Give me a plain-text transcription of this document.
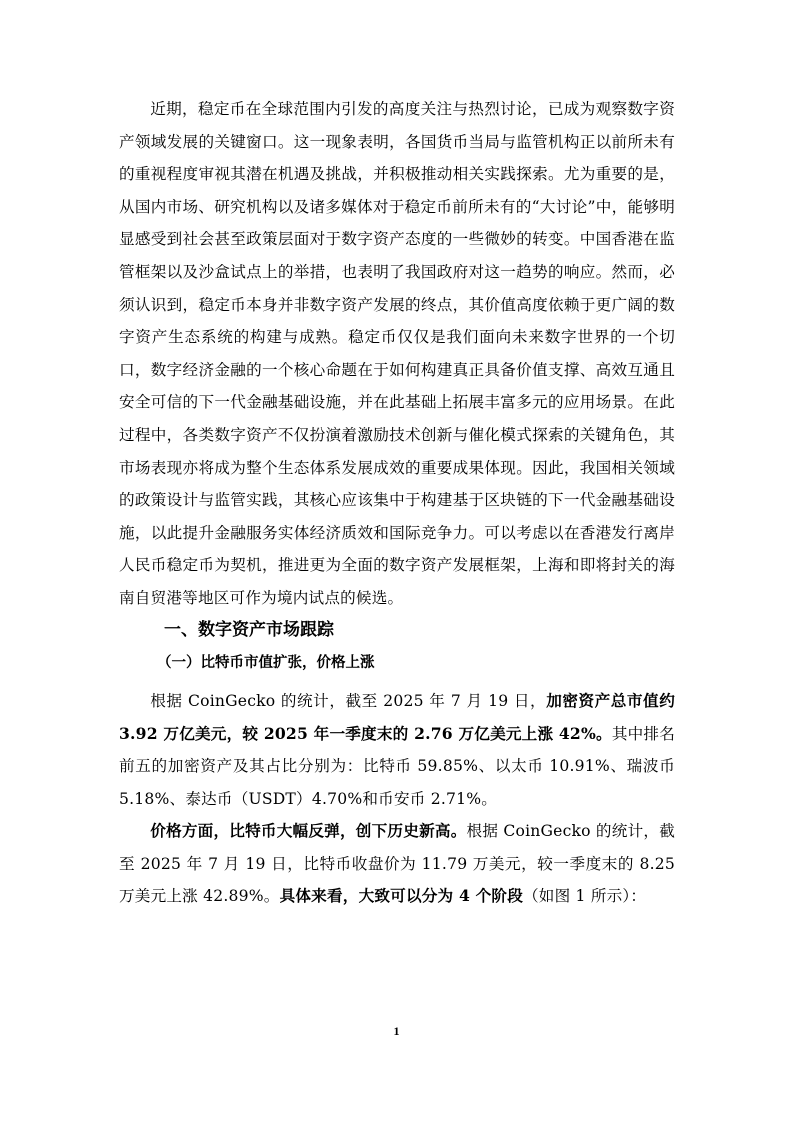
近期，稳定币在全球范围内引发的高度关注与热烈讨论，已成为观察数字资产领域发展的关键窗口。这一现象表明，各国货币当局与监管机构正以前所未有的重视程度审视其潜在机遇及挑战，并积极推动相关实践探索。尤为重要的是，从国内市场、研究机构以及诸多媒体对于稳定币前所未有的“大讨论”中，能够明显感受到社会甚至政策层面对于数字资产态度的一些微妙的转变。中国香港在监管框架以及沙盒试点上的举措，也表明了我国政府对这一趋势的响应。然而，必须认识到，稳定币本身并非数字资产发展的终点，其价值高度依赖于更广阔的数字资产生态系统的构建与成熟。稳定币仅仅是我们面向未来数字世界的一个切口，数字经济金融的一个核心命题在于如何构建真正具备价值支撑、高效互通且安全可信的下一代金融基础设施，并在此基础上拓展丰富多元的应用场景。在此过程中，各类数字资产不仅扮演着激励技术创新与催化模式探索的关键角色，其市场表现亦将成为整个生态体系发展成效的重要成果体现。因此，我国相关领域的政策设计与监管实践，其核心应该集中于构建基于区块链的下一代金融基础设施，以此提升金融服务实体经济质效和国际竞争力。可以考虑以在香港发行离岸人民币稳定币为契机，推进更为全面的数字资产发展框架，上海和即将封关的海南自贸港等地区可作为境内试点的候选。

一、数字资产市场跟踪
（一）比特币市值扩张，价格上涨

根据 CoinGecko 的统计，截至 2025 年 7 月 19 日，加密资产总市值约 3.92 万亿美元，较 2025 年一季度末的 2.76 万亿美元上涨 42%。其中排名前五的加密资产及其占比分别为：比特币 59.85%、以太币 10.91%、瑞波币 5.18%、泰达币（USDT）4.70%和币安币 2.71%。

价格方面，比特币大幅反弹，创下历史新高。根据 CoinGecko 的统计，截至 2025 年 7 月 19 日，比特币收盘价为 11.79 万美元，较一季度末的 8.25 万美元上涨 42.89%。具体来看，大致可以分为 4 个阶段（如图 1 所示）：

1
